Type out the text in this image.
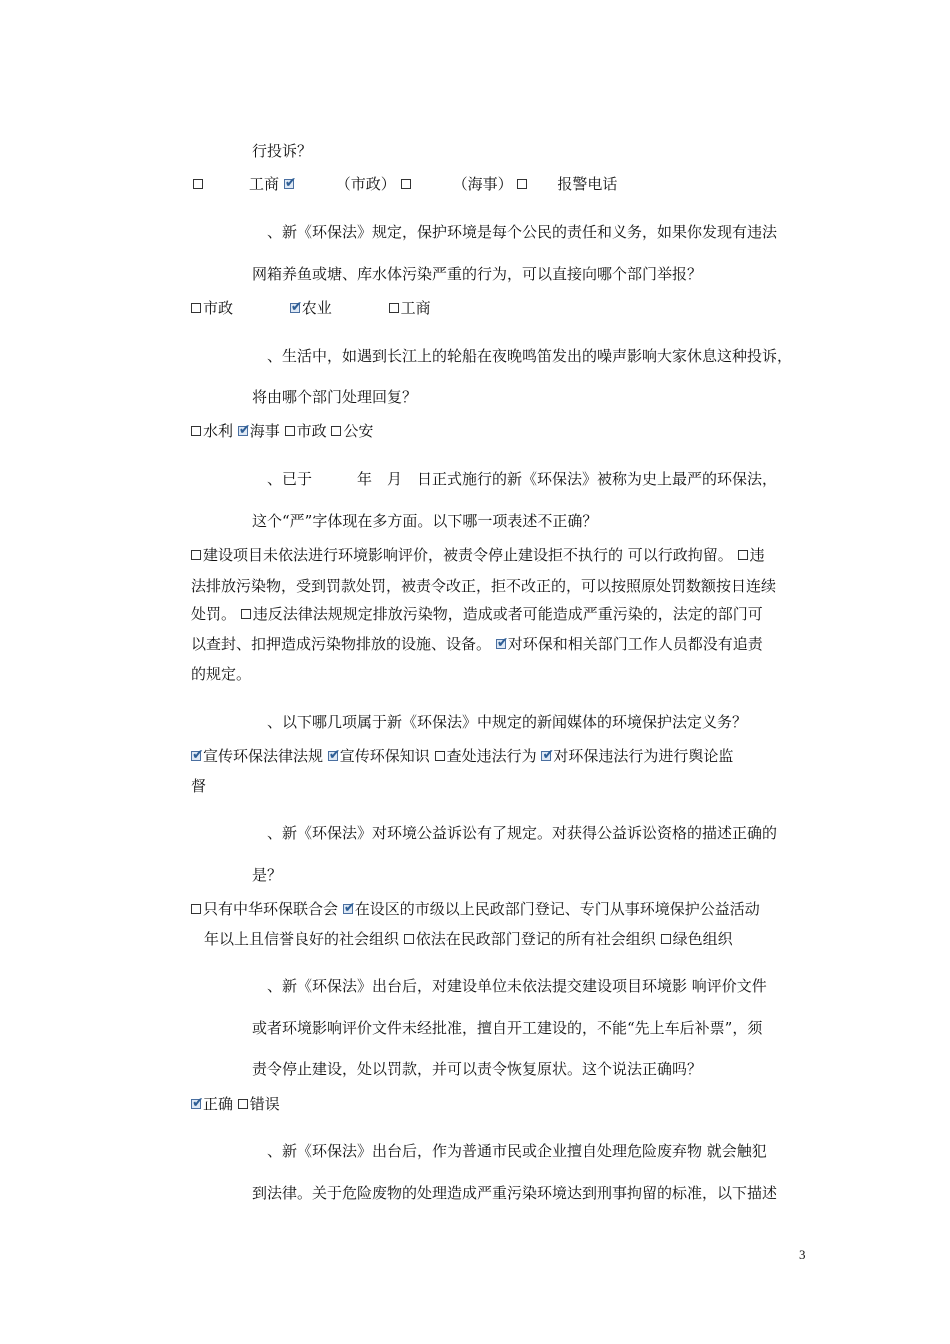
行投诉？
工商 ✔	（市政）	（海事）	报警电话
、新《环保法》规定，保护环境是每个公民的责任和义务，如果你发现有违法
网箱养鱼或塘、库水体污染严重的行为，可以直接向哪个部门举报？
市政 ✔	农业	工商
、生活中，如遇到长江上的轮船在夜晚鸣笛发出的噪声影响大家休息这种投诉，
将由哪个部门处理回复？
水利 ✔ 海事 市政 公安
、已于　　　年　月　日正式施行的新《环保法》被称为史上最严的环保法，
这个“严”字体现在多方面。以下哪一项表述不正确？
建设项目未依法进行环境影响评价，被责令停止建设拒不执行的 可以行政拘留。 违
法排放污染物，受到罚款处罚，被责令改正，拒不改正的，可以按照原处罚数额按日连续
处罚。 违反法律法规规定排放污染物，造成或者可能造成严重污染的，法定的部门可
以查封、扣押造成污染物排放的设施、设备。 ✔ 对环保和相关部门工作人员都没有追责
的规定。
、以下哪几项属于新《环保法》中规定的新闻媒体的环境保护法定义务？
✔宣传环保法律法规 ✔ 宣传环保知识 查处违法行为 ✔ 对环保违法行为进行舆论监
督
、新《环保法》对环境公益诉讼有了规定。对获得公益诉讼资格的描述正确的
是？
只有中华环保联合会 ✔ 在设区的市级以上民政部门登记、专门从事环境保护公益活动
年以上且信誉良好的社会组织 依法在民政部门登记的所有社会组织 绿色组织
、新《环保法》出台后，对建设单位未依法提交建设项目环境影 响评价文件
或者环境影响评价文件未经批准，擅自开工建设的，不能“先上车后补票”，须
责令停止建设，处以罚款，并可以责令恢复原状。这个说法正确吗？
✔正确 错误
、新《环保法》出台后，作为普通市民或企业擅自处理危险废弃物 就会触犯
到法律。关于危险废物的处理造成严重污染环境达到刑事拘留的标准，以下描述
3
